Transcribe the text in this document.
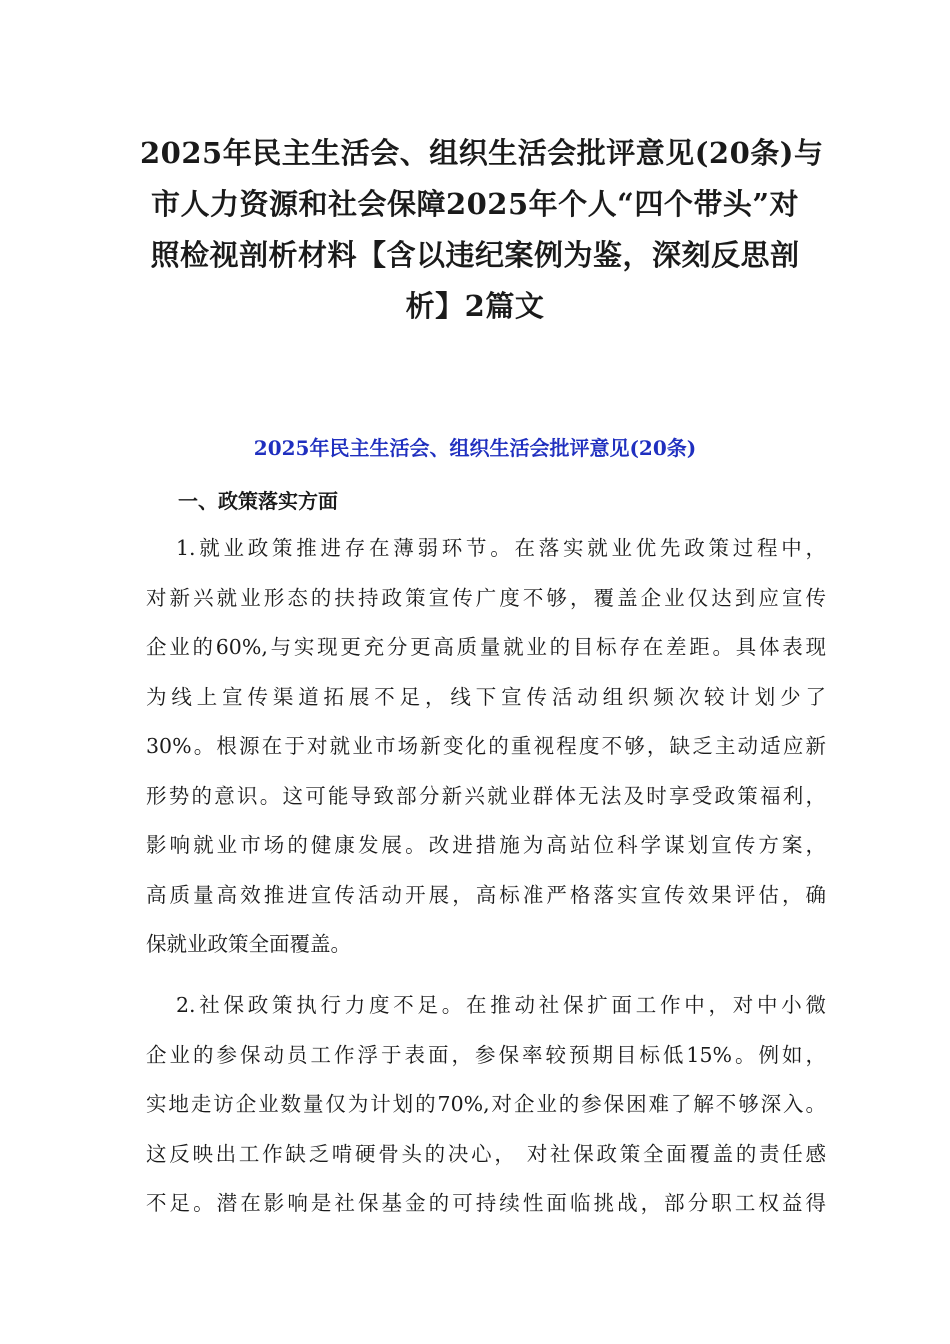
2025年民主生活会、组织生活会批评意见(20条)与
市人力资源和社会保障2025年个人“四个带头”对
照检视剖析材料【含以违纪案例为鉴，深刻反思剖
析】2篇文
2025年民主生活会、组织生活会批评意见(20条)
一、政策落实方面
1.就业政策推进存在薄弱环节。在落实就业优先政策过程中，
对新兴就业形态的扶持政策宣传广度不够，覆盖企业仅达到应宣传
企业的60%,与实现更充分更高质量就业的目标存在差距。具体表现
为线上宣传渠道拓展不足，线下宣传活动组织频次较计划少了
30%。根源在于对就业市场新变化的重视程度不够，缺乏主动适应新
形势的意识。这可能导致部分新兴就业群体无法及时享受政策福利，
影响就业市场的健康发展。改进措施为高站位科学谋划宣传方案，
高质量高效推进宣传活动开展，高标准严格落实宣传效果评估，确
保就业政策全面覆盖。
2.社保政策执行力度不足。在推动社保扩面工作中，对中小微
企业的参保动员工作浮于表面，参保率较预期目标低15%。例如，
实地走访企业数量仅为计划的70%,对企业的参保困难了解不够深入。
这反映出工作缺乏啃硬骨头的决心， 对社保政策全面覆盖的责任感
不足。潜在影响是社保基金的可持续性面临挑战，部分职工权益得
